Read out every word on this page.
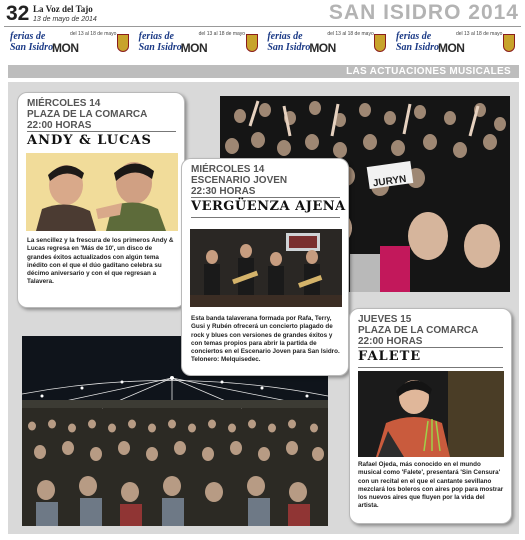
32 La Voz del Tajo
13 de mayo de 2014	SAN ISIDRO 2014
ferias de
San Isidro
MON
del 13 al 18 de mayo ferias de
San Isidro
MON
del 13 al 18 de mayo ferias de
San Isidro
MON
del 13 al 18 de mayo ferias de
San Isidro
MON
del 13 al 18 de mayo
LAS ACTUACIONES MUSICALES
JURYN
MIÉRCOLES 14
PLAZA DE LA COMARCA
22:00 HORAS
ANDY & LUCAS
La sencillez y la frescura de los primeros Andy & Lucas regresa en 'Más de 10', un disco de grandes éxitos actualizados con algún tema inédito con el que el dúo gaditano celebra su décimo aniversario y con el que regresan a Talavera.
MIÉRCOLES 14
ESCENARIO JOVEN
22:30 HORAS
VERGÜENZA AJENA
Esta banda talaverana formada por Rafa, Terry, Gusi y Rubén ofrecerá un concierto plagado de rock y blues con versiones de grandes éxitos y con temas propios para abrir la partida de conciertos en el Escenario Joven para San Isidro. Telonero: Melquisedec.
JUEVES 15
PLAZA DE LA COMARCA
22:00 HORAS
FALETE
Rafael Ojeda, más conocido en el mundo musical como 'Falete', presentará 'Sin Censura' con un recital en el que el cantante sevillano mezclará los boleros con aires pop para mostrar los nuevos aires que fluyen por la vida del artista.
